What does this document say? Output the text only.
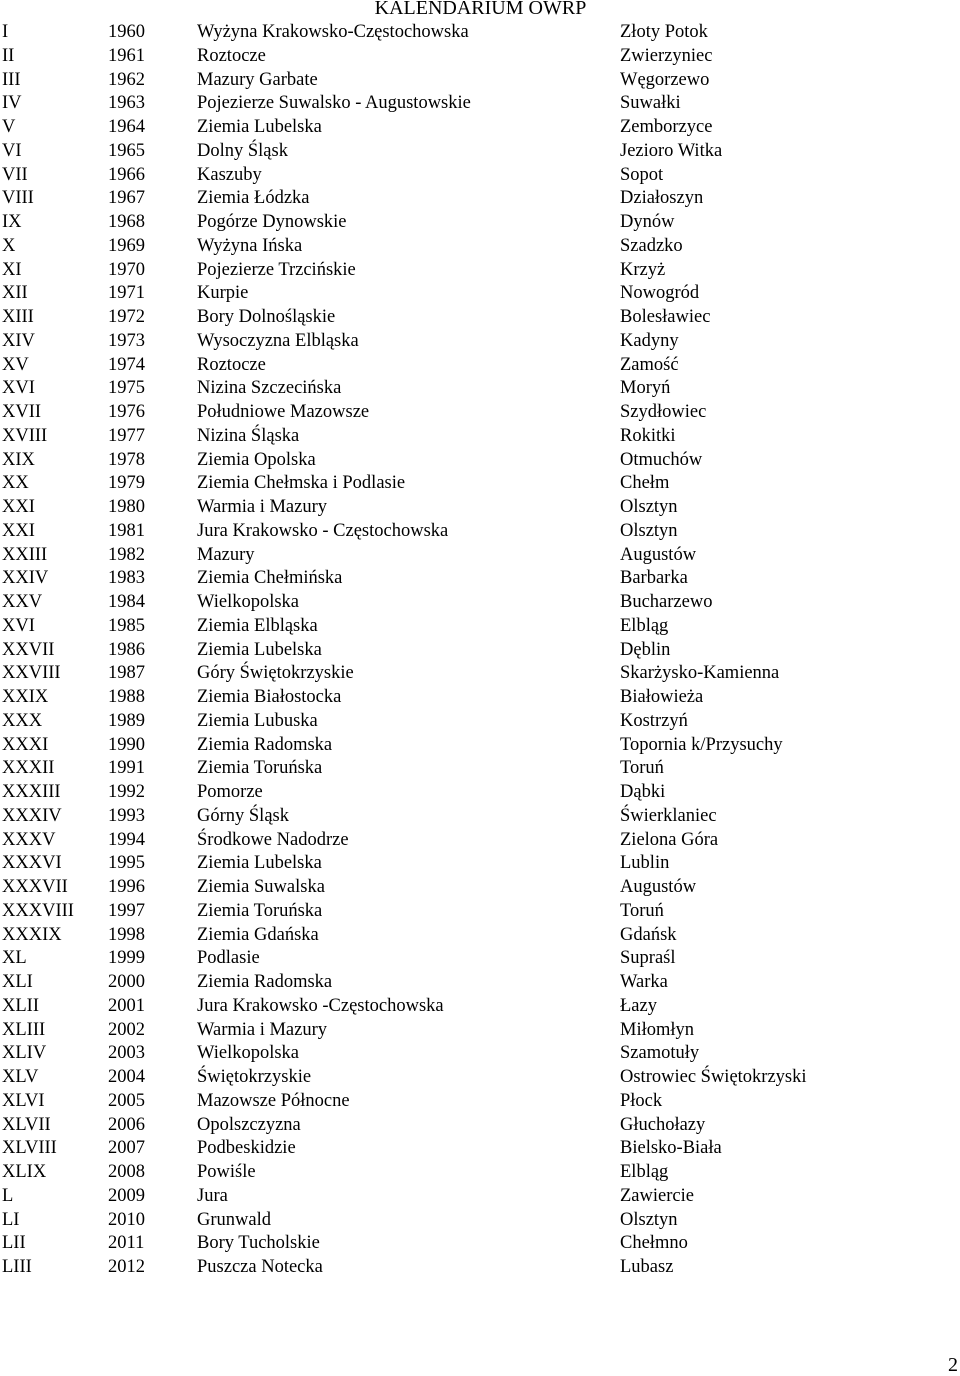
KALENDARIUM OWRP
I	1960	Wyżyna Krakowsko-Częstochowska	Złoty Potok
II	1961	Roztocze	Zwierzyniec
III	1962	Mazury Garbate	Węgorzewo
IV	1963	Pojezierze Suwalsko - Augustowskie	Suwałki
V	1964	Ziemia Lubelska	Zemborzyce
VI	1965	Dolny Śląsk	Jezioro Witka
VII	1966	Kaszuby	Sopot
VIII	1967	Ziemia Łódzka	Działoszyn
IX	1968	Pogórze Dynowskie	Dynów
X	1969	Wyżyna Ińska	Szadzko
XI	1970	Pojezierze Trzcińskie	Krzyż
XII	1971	Kurpie	Nowogród
XIII	1972	Bory Dolnośląskie	Bolesławiec
XIV	1973	Wysoczyzna Elbląska	Kadyny
XV	1974	Roztocze	Zamość
XVI	1975	Nizina Szczecińska	Moryń
XVII	1976	Południowe Mazowsze	Szydłowiec
XVIII	1977	Nizina Śląska	Rokitki
XIX	1978	Ziemia Opolska	Otmuchów
XX	1979	Ziemia Chełmska i Podlasie	Chełm
XXI	1980	Warmia i Mazury	Olsztyn
XXI	1981	Jura Krakowsko - Częstochowska	Olsztyn
XXIII	1982	Mazury	Augustów
XXIV	1983	Ziemia Chełmińska	Barbarka
XXV	1984	Wielkopolska	Bucharzewo
XVI	1985	Ziemia Elbląska	Elbląg
XXVII	1986	Ziemia Lubelska	Dęblin
XXVIII	1987	Góry Świętokrzyskie	Skarżysko-Kamienna
XXIX	1988	Ziemia Białostocka	Białowieża
XXX	1989	Ziemia Lubuska	Kostrzyń
XXXI	1990	Ziemia Radomska	Topornia k/Przysuchy
XXXII	1991	Ziemia Toruńska	Toruń
XXXIII	1992	Pomorze	Dąbki
XXXIV	1993	Górny Śląsk	Świerklaniec
XXXV	1994	Środkowe Nadodrze	Zielona Góra
XXXVI	1995	Ziemia Lubelska	Lublin
XXXVII 1996	Ziemia Suwalska	Augustów
XXXVIII 1997	Ziemia Toruńska	Toruń
XXXIX	1998	Ziemia Gdańska	Gdańsk
XL	1999	Podlasie	Supraśl
XLI	2000	Ziemia Radomska	Warka
XLII	2001	Jura Krakowsko -Częstochowska	Łazy
XLIII	2002	Warmia i Mazury	Miłomłyn
XLIV	2003	Wielkopolska	Szamotuły
XLV	2004	Świętokrzyskie	Ostrowiec Świętokrzyski
XLVI	2005	Mazowsze Północne	Płock
XLVII	2006	Opolszczyzna	Głuchołazy
XLVIII	2007	Podbeskidzie	Bielsko-Biała
XLIX	2008	Powiśle	Elbląg
L	2009	Jura	Zawiercie
LI	2010	Grunwald	Olsztyn
LII	2011	Bory Tucholskie	Chełmno
LIII	2012	Puszcza Notecka	Lubasz
2
